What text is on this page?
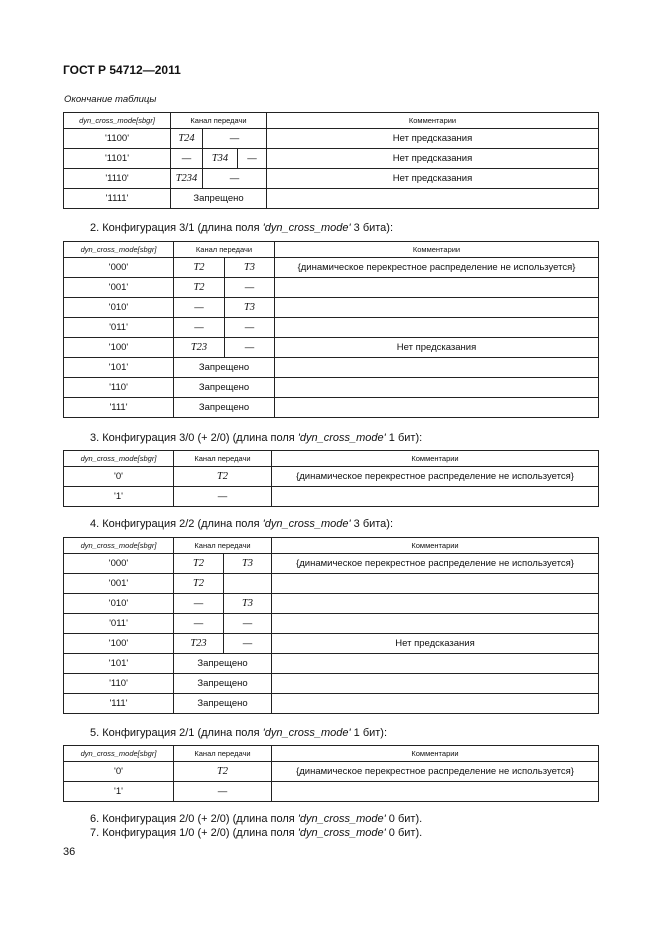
ГОСТ Р 54712—2011
Окончание таблицы
dyn_cross_mode[sbgr]	Канал передачи			Комментарии
'1100'	T24	—		Нет предсказания
'1101'	—	T34	—	Нет предсказания
'1110'	T234	—		Нет предсказания
'1111'	Запрещено			
2. Конфигурация 3/1 (длина поля 'dyn_cross_mode' 3 бита):
dyn_cross_mode[sbgr]	Канал передачи		Комментарии
'000'	T2	T3	{динамическое перекрестное распределение не используется}
'001'	T2	—	
'010'	—	T3	
'011'	—	—	
'100'	T23	—	Нет предсказания
'101'	Запрещено		
'110'	Запрещено		
'111'	Запрещено		
3. Конфигурация 3/0 (+ 2/0) (длина поля 'dyn_cross_mode' 1 бит):
dyn_cross_mode[sbgr]	Канал передачи	Комментарии
'0'	T2	{динамическое перекрестное распределение не используется}
'1'	—	
4. Конфигурация 2/2 (длина поля 'dyn_cross_mode' 3 бита):
dyn_cross_mode[sbgr]	Канал передачи		Комментарии
'000'	T2	T3	{динамическое перекрестное распределение не используется}
'001'	T2		
'010'	—	T3	
'011'	—	—	
'100'	T23	—	Нет предсказания
'101'	Запрещено		
'110'	Запрещено		
'111'	Запрещено		
5. Конфигурация 2/1 (длина поля 'dyn_cross_mode' 1 бит):
dyn_cross_mode[sbgr]	Канал передачи	Комментарии
'0'	T2	{динамическое перекрестное распределение не используется}
'1'	—	
6. Конфигурация 2/0 (+ 2/0) (длина поля 'dyn_cross_mode' 0 бит).
7. Конфигурация 1/0 (+ 2/0) (длина поля 'dyn_cross_mode' 0 бит).
36
